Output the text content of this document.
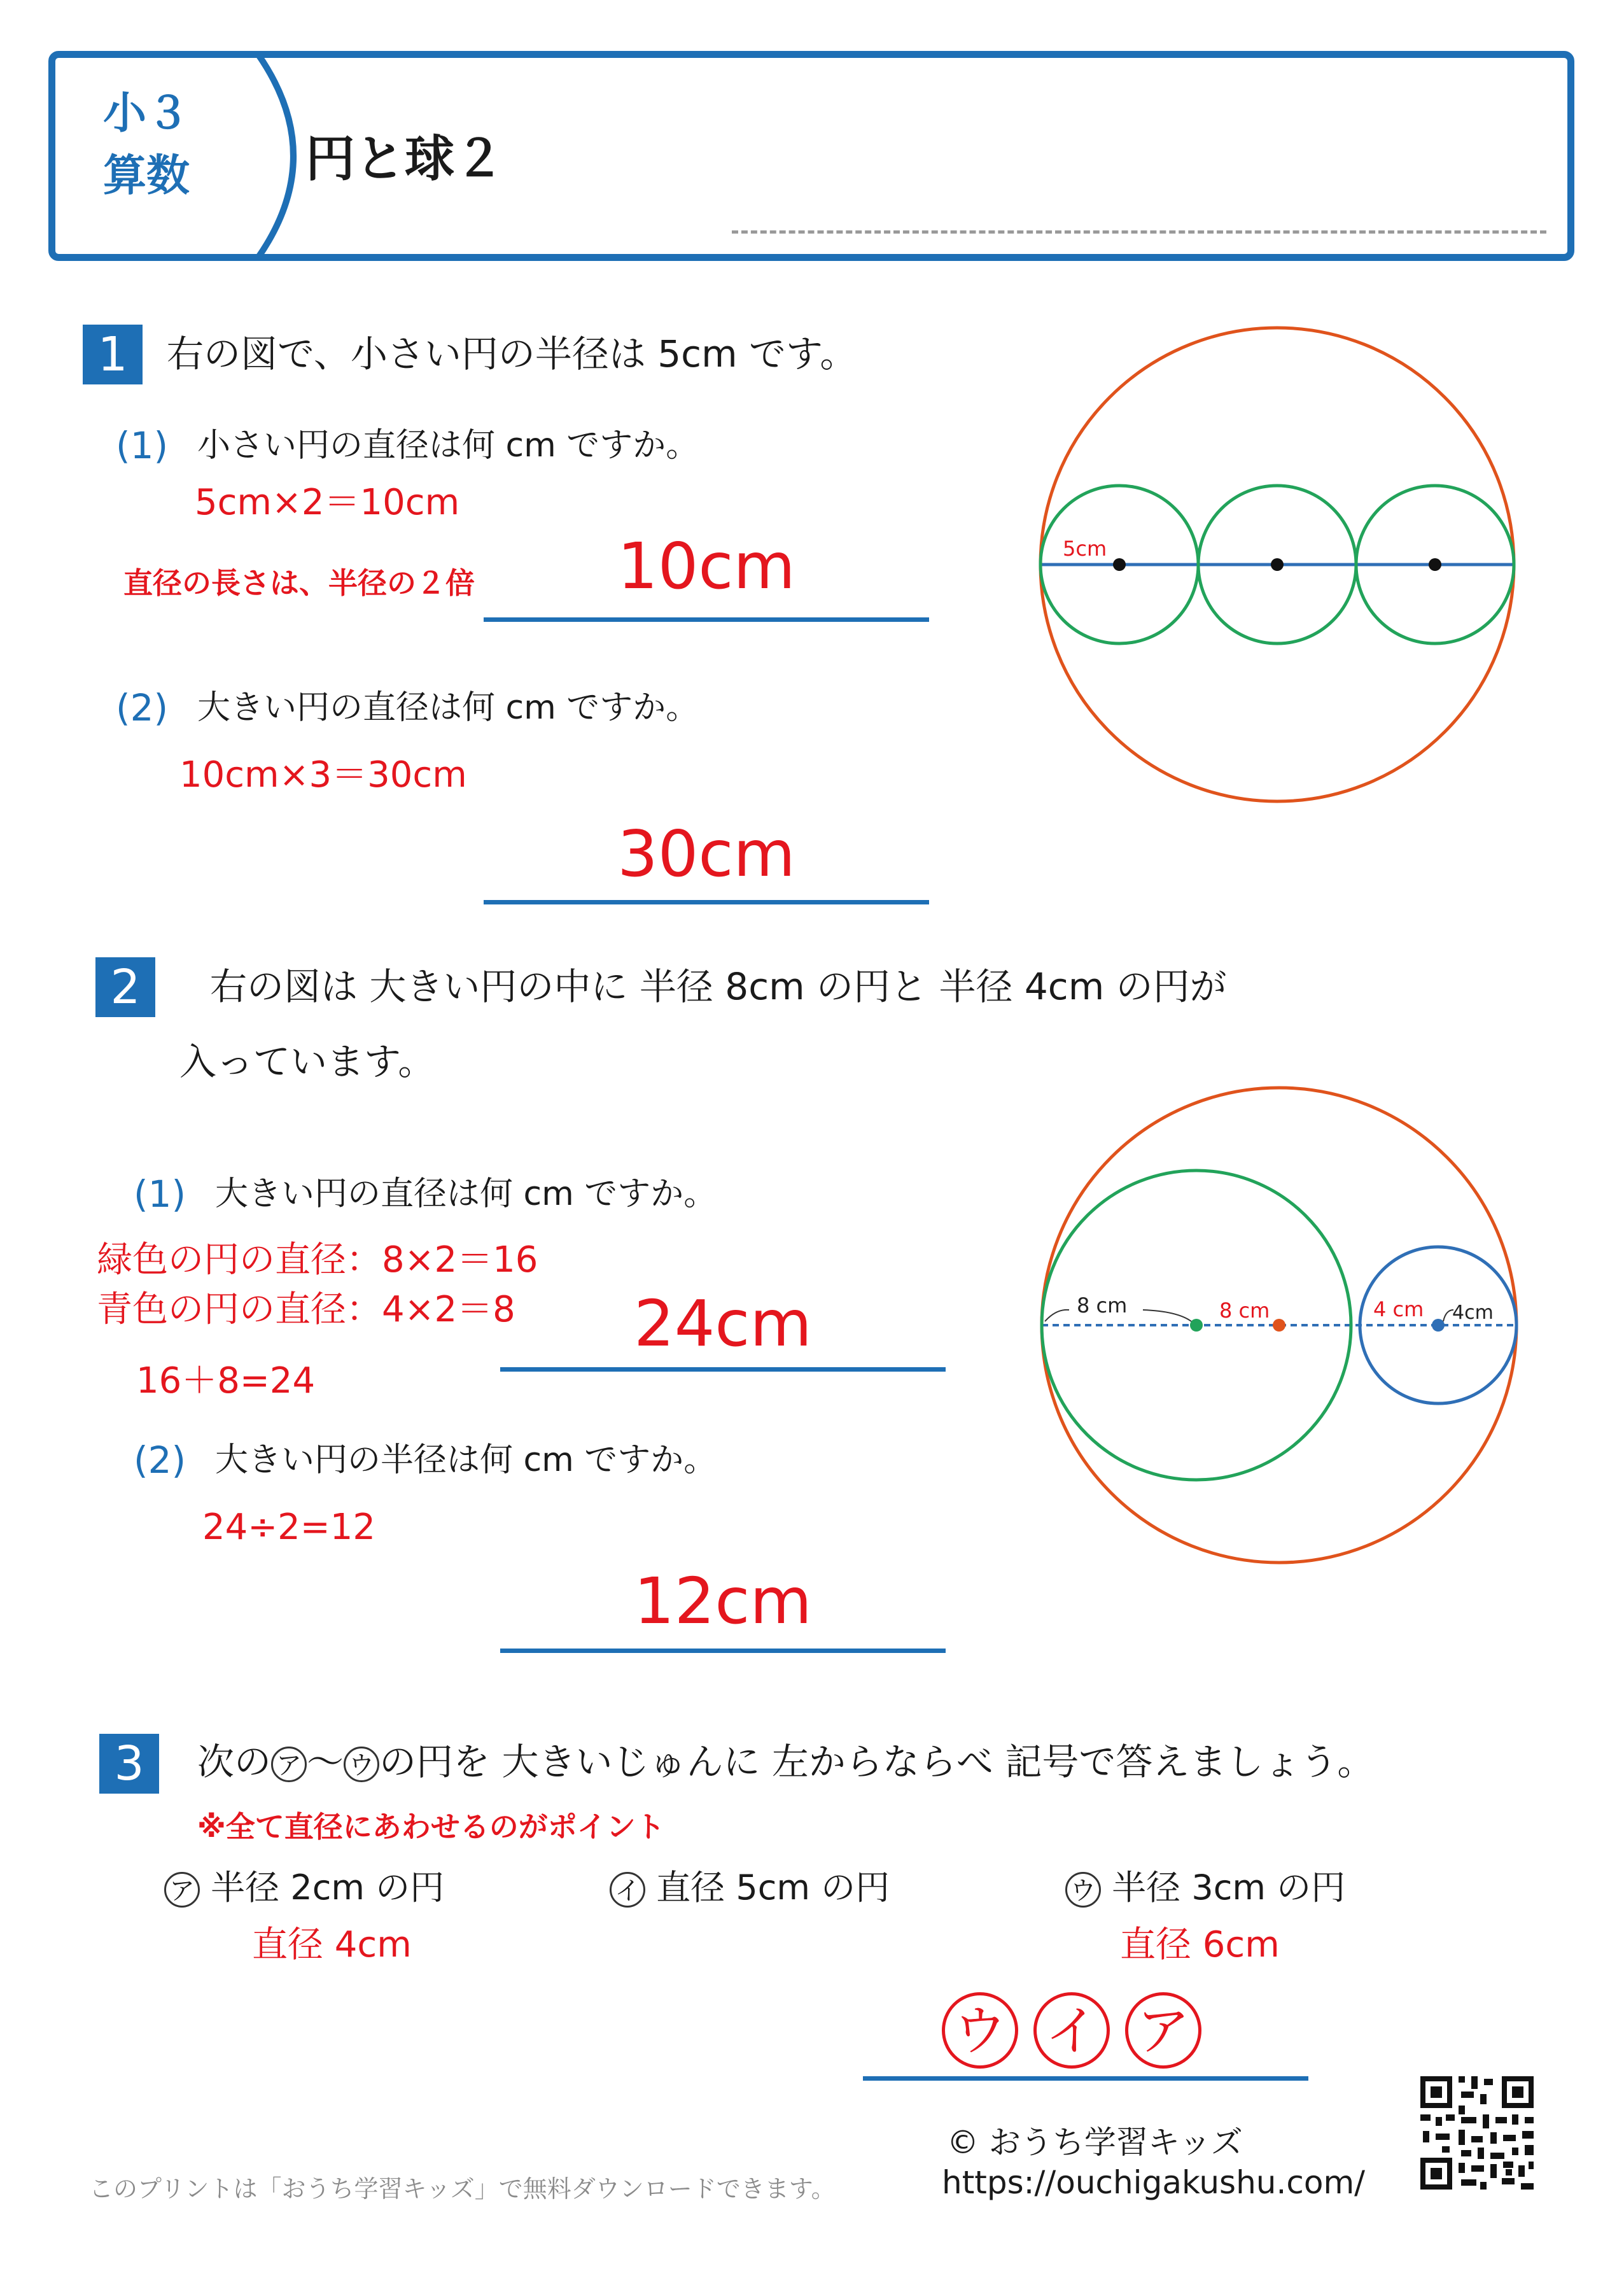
小３
算数	円と球２
1	右の図で、小さい円の半径は 5cm です。
(1) 小さい円の直径は何 cm ですか。
5cm×2＝10cm
直径の長さは、半径の２倍	10cm
(2) 大きい円の直径は何 cm ですか。
10cm×3＝30cm
30cm
5cm
2	右の図は 大きい円の中に 半径 8cm の円と 半径 4cm の円が
入っています。
(1) 大きい円の直径は何 cm ですか。
緑色の円の直径：8×2＝16
青色の円の直径：4×2＝8
16＋8=24
24cm
(2) 大きい円の半径は何 cm ですか。
24÷2=12
12cm
8 cm	8 cm	4 cm 4cm
3	次の ア 〜 ウ の円を 大きいじゅんに 左からならべ 記号で答えましょう。
※全て直径にあわせるのがポイント
ア 半径 2cm の円
直径 4cm
イ 直径 5cm の円	ウ 半径 3cm の円
直径 6cm
ウ イ ア
© おうち学習キッズ
このプリントは「おうち学習キッズ」で無料ダウンロードできます。	https://ouchigakushu.com/
